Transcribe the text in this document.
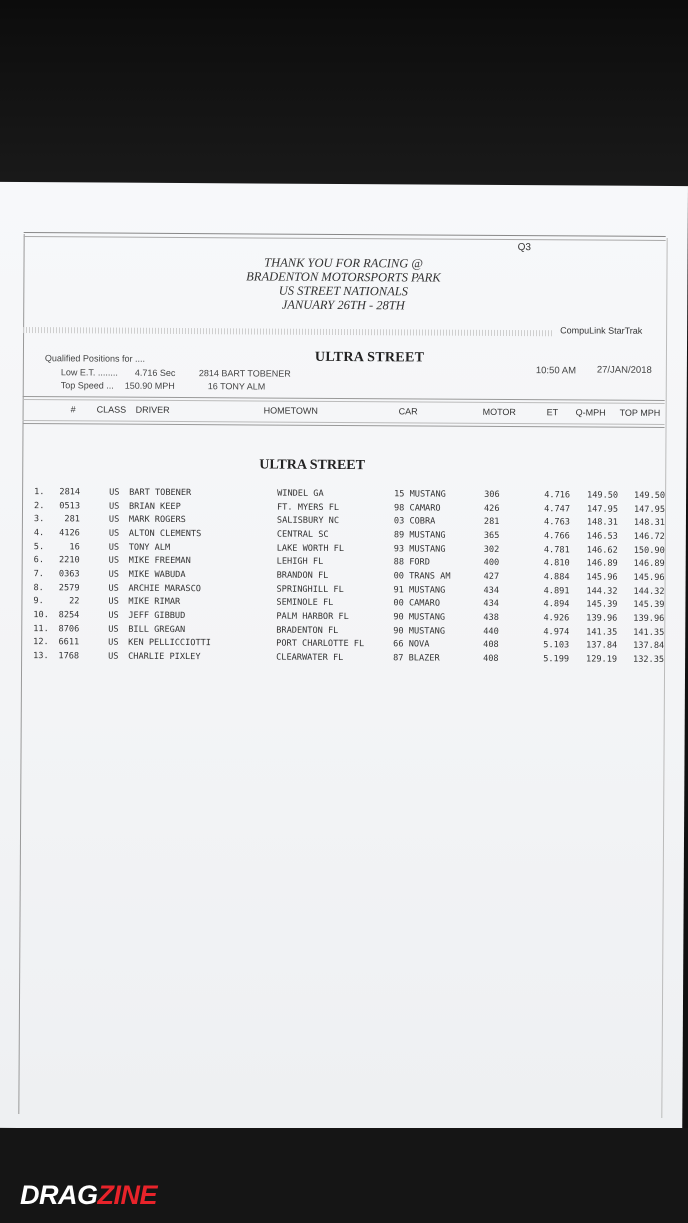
Q3
THANK YOU FOR RACING @
BRADENTON MOTORSPORTS PARK
US STREET NATIONALS
JANUARY 26TH - 28TH
CompuLink StarTrak
Qualified Positions for ....
Low E.T. ........ 4.716 Sec	2814 BART TOBENER
Top Speed ... 150.90 MPH	16 TONY ALM
ULTRA STREET
10:50 AM 27/JAN/2018
# CLASS DRIVER	HOMETOWN	CAR	MOTOR	ET Q-MPH TOP MPH
ULTRA STREET
1. 2814	US BART TOBENER	WINDEL GA	15 MUSTANG	306	4.716	149.50	149.50
2. 0513	US BRIAN KEEP	FT. MYERS FL	98 CAMARO	426	4.747	147.95	147.95
3.	281	US MARK ROGERS	SALISBURY NC	03 COBRA	281	4.763	148.31	148.31
4. 4126	US ALTON CLEMENTS	CENTRAL SC	89 MUSTANG	365	4.766	146.53	146.72
5.	16	US TONY ALM	LAKE WORTH FL	93 MUSTANG	302	4.781	146.62	150.90
6. 2210	US MIKE FREEMAN	LEHIGH FL	88 FORD	400	4.810	146.89	146.89
7. 0363	US MIKE WABUDA	BRANDON FL	00 TRANS AM	427	4.884	145.96	145.96
8. 2579	US ARCHIE MARASCO	SPRINGHILL FL	91 MUSTANG	434	4.891	144.32	144.32
9.	22	US MIKE RIMAR	SEMINOLE FL	00 CAMARO	434	4.894	145.39	145.39
10. 8254	US JEFF GIBBUD	PALM HARBOR FL	90 MUSTANG	438	4.926	139.96	139.96
11. 8706	US BILL GREGAN	BRADENTON FL	90 MUSTANG	440	4.974	141.35	141.35
12. 6611	US KEN PELLICCIOTTI	PORT CHARLOTTE FL	66 NOVA	408	5.103	137.84	137.84
13. 1768	US CHARLIE PIXLEY	CLEARWATER FL	87 BLAZER	408	5.199	129.19	132.35
DRAGZINE
